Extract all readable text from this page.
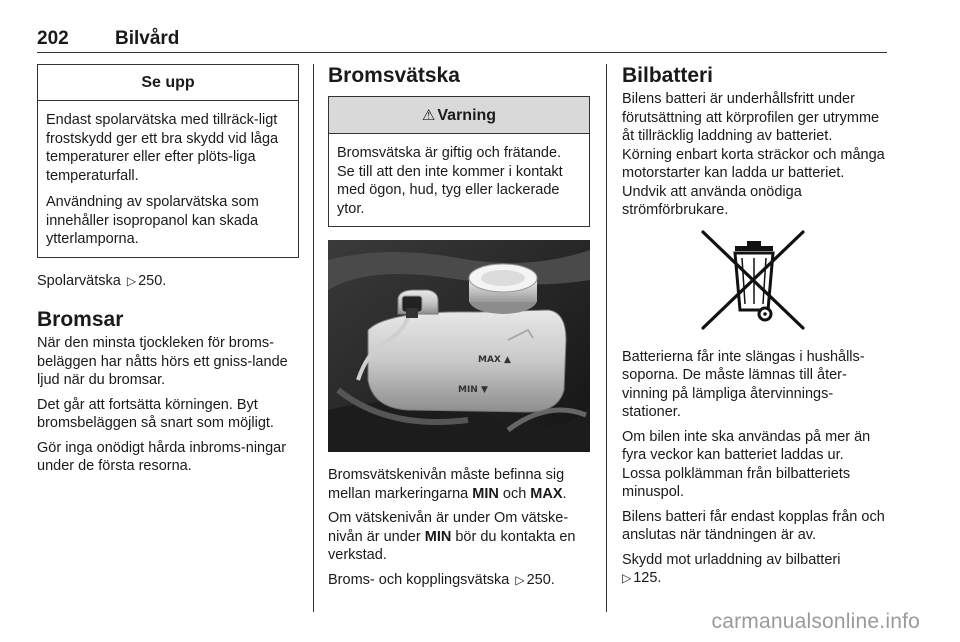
202 Bilvård
Se upp

Endast spolarvätska med tillräck-ligt frostskydd ger ett bra skydd vid låga temperaturer eller efter plöts-liga temperaturfall.

Användning av spolarvätska som innehåller isopropanol kan skada ytterlamporna.

Spolarvätska ▷ 250.
Bromsar

När den minsta tjockleken för broms-beläggen har nåtts hörs ett gniss-lande ljud när du bromsar.

Det går att fortsätta körningen. Byt bromsbeläggen så snart som möjligt.

Gör inga onödigt hårda inbroms-ningar under de första resorna.

Bromsvätska
⚠ Varning
Bromsvätska är giftig och frätande. Se till att den inte kommer i kontakt med ögon, hud, tyg eller lackerade ytor.
MAX ▲
MIN ▼

Bromsvätskenivån måste befinna sig mellan markeringarna MIN och MAX.

Om vätskenivån är under Om vätske-nivån är under MIN bör du kontakta en verkstad.

Broms- och kopplingsvätska ▷ 250.

Bilbatteri
Bilens batteri är underhållsfritt under förutsättning att körprofilen ger utrymme åt tillräcklig laddning av batteriet. Körning enbart korta sträckor och många motorstarter kan ladda ur batteriet. Undvik att använda onödiga strömförbrukare.

Batterierna får inte slängas i hushålls-soporna. De måste lämnas till åter-vinning på lämpliga återvinnings-stationer.

Om bilen inte ska användas på mer än fyra veckor kan batteriet laddas ur. Lossa polklämman från bilbatteriets minuspol.

Bilens batteri får endast kopplas från och anslutas när tändningen är av.

Skydd mot urladdning av bilbatteri
▷ 125.

carmanualsonline.info
